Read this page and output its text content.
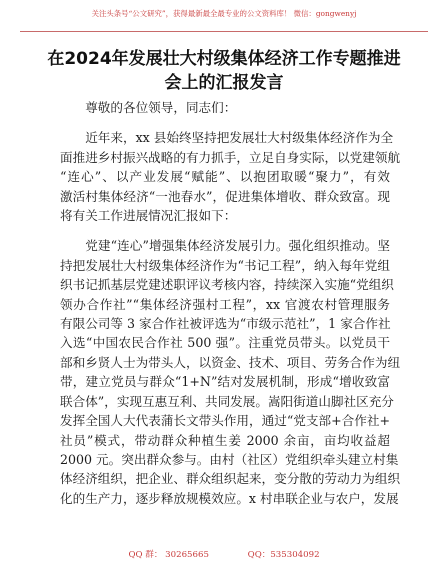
关注头条号“公文研究”，获得最新最全最专业的公文资料库！ 微信：gongwenyj
在2024年发展壮大村级集体经济工作专题推进
会上的汇报发言

尊敬的各位领导，同志们：

近年来，xx 县始终坚持把发展壮大村级集体经济作为全
面推进乡村振兴战略的有力抓手，立足自身实际，以党建领航
“连心”、以产业发展“赋能”、以抱团取暖“聚力”，有效
激活村集体经济“一池春水”，促进集体增收、群众致富。现
将有关工作进展情况汇报如下：

党建“连心”增强集体经济发展引力。强化组织推动。坚
持把发展壮大村级集体经济作为“书记工程”，纳入每年党组
织书记抓基层党建述职评议考核内容，持续深入实施“党组织
领办合作社”“集体经济强村工程”，xx 官渡农村管理服务
有限公司等 3 家合作社被评选为“市级示范社”，1 家合作社
入选“中国农民合作社 500 强”。注重党员带头。以党员干
部和乡贤人士为带头人，以资金、技术、项目、劳务合作为纽
带，建立党员与群众“1+N”结对发展机制，形成“增收致富
联合体”，实现互惠互利、共同发展。嵩阳街道山脚社区充分
发挥全国人大代表蒲长文带头作用，通过“党支部+合作社+
社员”模式，带动群众种植生姜 2000 余亩，亩均收益超
2000 元。突出群众参与。由村（社区）党组织牵头建立村集
体经济组织，把企业、群众组织起来，变分散的劳动力为组织
化的生产力，逐步释放规模效应。x 村串联企业与农户，发展

QQ 群： 30265665	QQ：535304092
